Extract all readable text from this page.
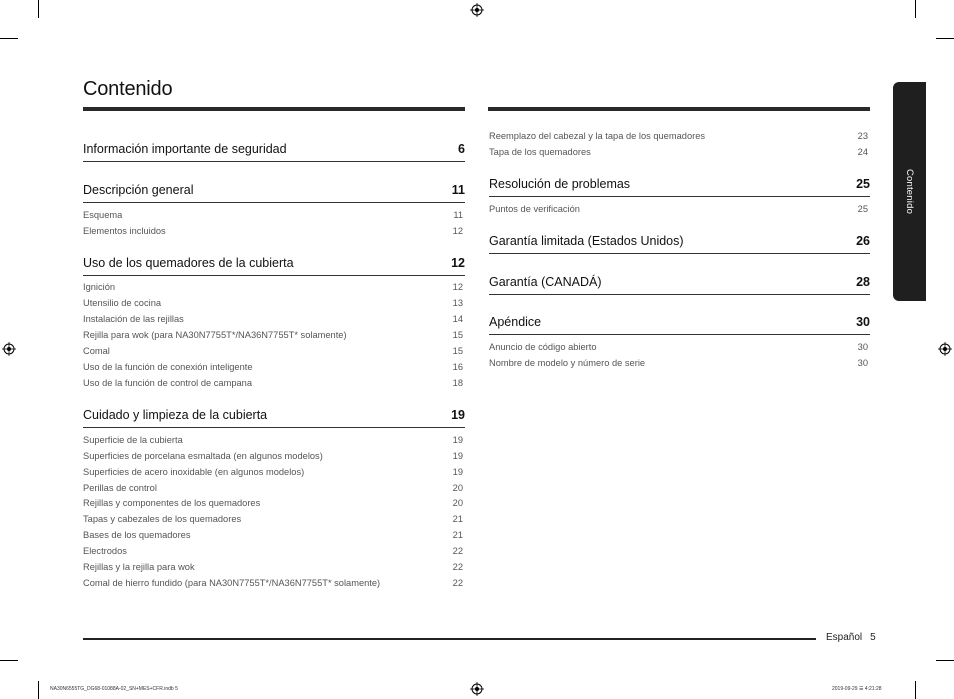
Contenido
Información importante de seguridad	6
Descripción general	11
Esquema	11
Elementos incluidos	12
Uso de los quemadores de la cubierta	12
Ignición	12
Utensilio de cocina	13
Instalación de las rejillas	14
Rejilla para wok (para NA30N7755T*/NA36N7755T* solamente)	15
Comal	15
Uso de la función de conexión inteligente	16
Uso de la función de control de campana	18
Cuidado y limpieza de la cubierta	19
Superficie de la cubierta	19
Superficies de porcelana esmaltada (en algunos modelos)	19
Superficies de acero inoxidable (en algunos modelos)	19
Perillas de control	20
Rejillas y componentes de los quemadores	20
Tapas y cabezales de los quemadores	21
Bases de los quemadores	21
Electrodos	22
Rejillas y la rejilla para wok	22
Comal de hierro fundido (para NA30N7755T*/NA36N7755T* solamente)	22
Reemplazo del cabezal y la tapa de los quemadores	23
Tapa de los quemadores	24
Resolución de problemas	25
Puntos de verificación	25
Garantía limitada (Estados Unidos)	26
Garantía (CANADÁ)	28
Apéndice	30
Anuncio de código abierto	30
Nombre de modelo y número de serie	30
Contenido
Español 5
NA30N6555TG_DG68-01088A-02_SN+MES+CFR.indb 5	2019-09-29 ☰ 4:21:28
